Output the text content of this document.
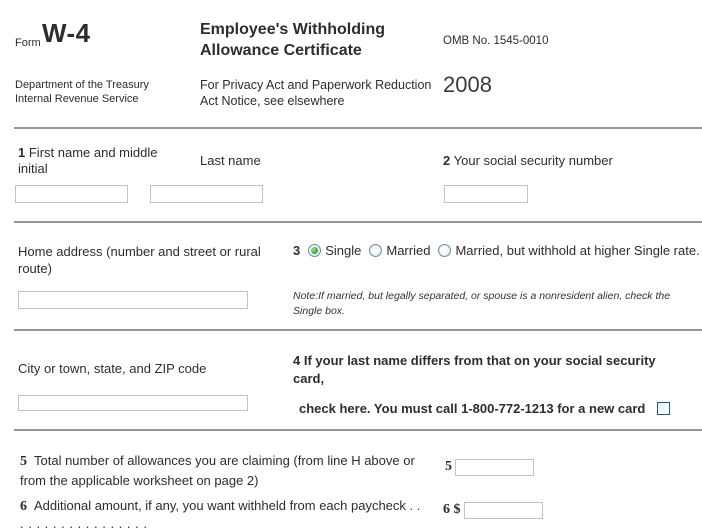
Form W-4
Department of the Treasury
Internal Revenue Service
Employee's Withholding
Allowance Certificate
For Privacy Act and Paperwork Reduction
Act Notice, see elsewhere
OMB No. 1545-0010
2008
1 First name and middle
initial
Last name	2 Your social security number
Home address (number and street or rural
route)
3 Single Married Married, but withhold at higher Single rate.
Note:If married, but legally separated, or spouse is a nonresident alien, check the
Single box.
City or town, state, and ZIP code
4 If your last name differs from that on your social security
card,
check here. You must call 1-800-772-1213 for a new card
5 Total number of allowances you are claiming (from line H above or
from the applicable worksheet on page 2)
5
6 Additional amount, if any, you want withheld from each paycheck . .
. . . . . . . . . . . . . . . .
6 $
